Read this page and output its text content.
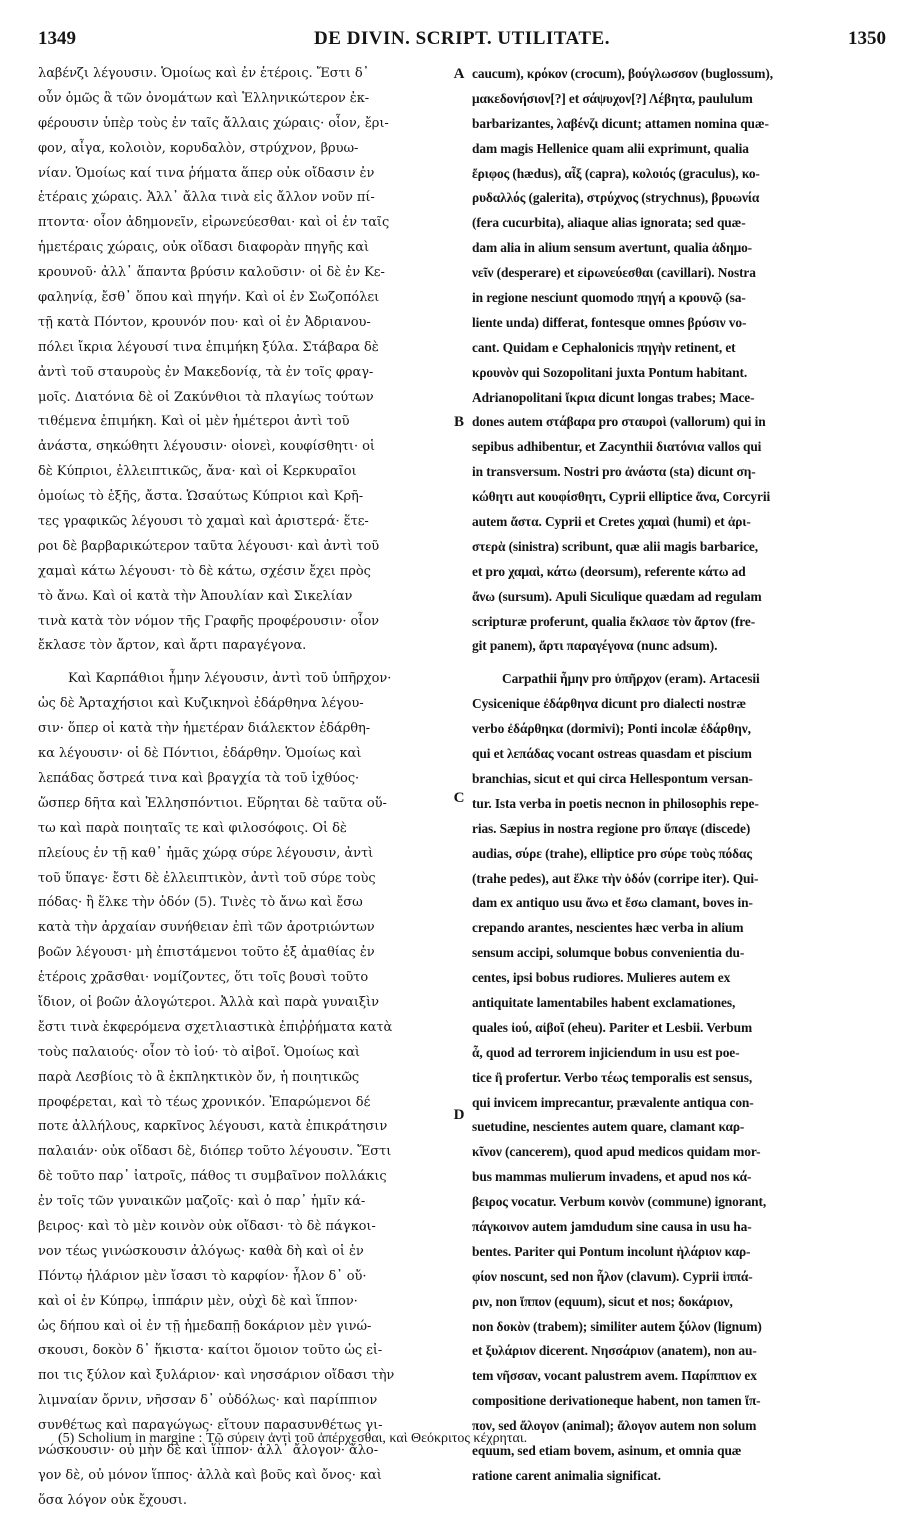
1349	DE DIVIN. SCRIPT. UTILITATE.	1350
λαβένζι λέγουσιν. Ὁμοίως καὶ ἐν ἑτέροις. Ἔστι δ᾽
οὖν ὁμῶς ἃ τῶν ὀνομάτων καὶ Ἑλληνικώτερον ἐκ-
φέρουσιν ὑπὲρ τοὺς ἐν ταῖς ἄλλαις χώραις· οἷον, ἔρι-
φον, αἶγα, κολοιὸν, κορυδαλὸν, στρύχνον, βρυω-
νίαν. Ὁμοίως καί τινα ῥήματα ἅπερ οὐκ οἴδασιν ἐν
ἑτέραις χώραις. Ἀλλ᾽ ἄλλα τινὰ εἰς ἄλλον νοῦν πί-
πτοντα· οἷον ἀδημονεῖν, εἰρωνεύεσθαι· καὶ οἱ ἐν ταῖς
ἡμετέραις χώραις, οὐκ οἴδασι διαφορὰν πηγῆς καὶ
κρουνοῦ· ἀλλ᾽ ἅπαντα βρύσιν καλοῦσιν· οἱ δὲ ἐν Κε-
φαληνίᾳ, ἔσθ᾽ ὅπου καὶ πηγήν. Καὶ οἱ ἐν Σωζοπόλει
τῇ κατὰ Πόντον, κρουνόν που· καὶ οἱ ἐν Ἀδριανου-
πόλει ἴκρια λέγουσί τινα ἐπιμήκη ξύλα. Στάβαρα δὲ
ἀντὶ τοῦ σταυροὺς ἐν Μακεδονίᾳ, τὰ ἐν τοῖς φραγ-
μοῖς. Διατόνια δὲ οἱ Ζακύνθιοι τὰ πλαγίως τούτων
τιθέμενα ἐπιμήκη. Καὶ οἱ μὲν ἡμέτεροι ἀντὶ τοῦ
ἀνάστα, σηκώθητι λέγουσιν· οἱονεὶ, κουφίσθητι· οἱ
δὲ Κύπριοι, ἐλλειπτικῶς, ἄνα· καὶ οἱ Κερκυραῖοι
ὁμοίως τὸ ἑξῆς, ἄστα. Ὡσαύτως Κύπριοι καὶ Κρῆ-
τες γραφικῶς λέγουσι τὸ χαμαὶ καὶ ἀριστερά· ἕτε-
ροι δὲ βαρβαρικώτερον ταῦτα λέγουσι· καὶ ἀντὶ τοῦ
χαμαὶ κάτω λέγουσι· τὸ δὲ κάτω, σχέσιν ἔχει πρὸς
τὸ ἄνω. Καὶ οἱ κατὰ τὴν Ἀπουλίαν καὶ Σικελίαν
τινὰ κατὰ τὸν νόμον τῆς Γραφῆς προφέρουσιν· οἷον
ἔκλασε τὸν ἄρτον, καὶ ἄρτι παραγέγονα.
Καὶ Καρπάθιοι ἦμην λέγουσιν, ἀντὶ τοῦ ὑπῆρχον·
ὡς δὲ Ἀρταχήσιοι καὶ Κυζικηνοὶ ἐδάρθηνα λέγου-
σιν· ὅπερ οἱ κατὰ τὴν ἡμετέραν διάλεκτον ἐδάρθη-
κα λέγουσιν· οἱ δὲ Πόντιοι, ἐδάρθην. Ὁμοίως καὶ
λεπάδας ὄστρεά τινα καὶ βραγχία τὰ τοῦ ἰχθύος·
ὥσπερ δῆτα καὶ Ἑλλησπόντιοι. Εὕρηται δὲ ταῦτα οὕ-
τω καὶ παρὰ ποιηταῖς τε καὶ φιλοσόφοις. Οἱ δὲ
πλείους ἐν τῇ καθ᾽ ἡμᾶς χώρᾳ σύρε λέγουσιν, ἀντὶ
τοῦ ὕπαγε· ἔστι δὲ ἐλλειπτικὸν, ἀντὶ τοῦ σύρε τοὺς
πόδας· ἢ ἕλκε τὴν ὁδόν (5). Τινὲς τὸ ἄνω καὶ ἔσω
κατὰ τὴν ἀρχαίαν συνήθειαν ἐπὶ τῶν ἀροτριώντων
βοῶν λέγουσι· μὴ ἐπιστάμενοι τοῦτο ἐξ ἀμαθίας ἐν
ἑτέροις χρᾶσθαι· νομίζοντες, ὅτι τοῖς βουσὶ τοῦτο
ἴδιον, οἱ βοῶν ἀλογώτεροι. Ἀλλὰ καὶ παρὰ γυναιξὶν
ἔστι τινὰ ἐκφερόμενα σχετλιαστικὰ ἐπιῤῥήματα κατὰ
τοὺς παλαιούς· οἷον τὸ ἰού· τὸ αἰβοῖ. Ὁμοίως καὶ
παρὰ Λεσβίοις τὸ ἃ ἐκπληκτικὸν ὄν, ἡ ποιητικῶς
προφέρεται, καὶ τὸ τέως χρονικόν. Ἐπαρώμενοι δέ
ποτε ἀλλήλους, καρκῖνος λέγουσι, κατὰ ἐπικράτησιν
παλαιάν· οὐκ οἴδασι δὲ, διόπερ τοῦτο λέγουσιν. Ἔστι
δὲ τοῦτο παρ᾽ ἰατροῖς, πάθος τι συμβαῖνον πολλάκις
ἐν τοῖς τῶν γυναικῶν μαζοῖς· καὶ ὁ παρ᾽ ἡμῖν κά-
βειρος· καὶ τὸ μὲν κοινὸν οὐκ οἴδασι· τὸ δὲ πάγκοι-
νον τέως γινώσκουσιν ἀλόγως· καθὰ δὴ καὶ οἱ ἐν
Πόντῳ ἡλάριον μὲν ἴσασι τὸ καρφίον· ἧλον δ᾽ οὔ·
καὶ οἱ ἐν Κύπρῳ, ἱππάριν μὲν, οὐχὶ δὲ καὶ ἵππον·
ὡς δήπου καὶ οἱ ἐν τῇ ἡμεδαπῇ δοκάριον μὲν γινώ-
σκουσι, δοκὸν δ᾽ ἥκιστα· καίτοι ὅμοιον τοῦτο ὡς εἰ-
ποι τις ξύλον καὶ ξυλάριον· καὶ νησσάριον οἴδασι τὴν
λιμναίαν ὄρνιν, νῆσσαν δ᾽ οὐδόλως· καὶ παρίππιον
συνθέτως καὶ παραγώγως· εἴτουν παρασυνθέτως γι-
νώσκουσιν· οὐ μὴν δὲ καὶ ἵππον· ἀλλ᾽ ἄλογον· ἄλο-
γον δὲ, οὐ μόνον ἵππος· ἀλλὰ καὶ βοῦς καὶ ὄνος· καὶ
ὅσα λόγον οὐκ ἔχουσι.
caucum), κρόκον (crocum), βούγλωσσον (buglossum),
μακεδονήσιον[?] et σάψυχον[?] Λέβητα, paululum
barbarizantes, λαβένζι dicunt; attamen nomina quæ-
dam magis Hellenice quam alii exprimunt, qualia
ἔριφος (hædus), αἶξ (capra), κολοιός (graculus), κο-
ρυδαλλός (galerita), στρύχνος (strychnus), βρυωνία
(fera cucurbita), aliaque alias ignorata; sed quæ-
dam alia in alium sensum avertunt, qualia ἀδημο-
νεῖν (desperare) et εἰρωνεύεσθαι (cavillari). Nostra
in regione nesciunt quomodo πηγή a κρουνῷ (sa-
liente unda) differat, fontesque omnes βρύσιν vo-
cant. Quidam e Cephalonicis πηγὴν retinent, et
κρουνὸν qui Sozopolitani juxta Pontum habitant.
Adrianopolitani ἴκρια dicunt longas trabes; Mace-
dones autem στάβαρα pro σταυροὶ (vallorum) qui in
sepibus adhibentur, et Zacynthii διατόνια vallos qui
in transversum. Nostri pro ἀνάστα (sta) dicunt ση-
κώθητι aut κουφίσθητι, Cyprii elliptice ἄνα, Corcyrii
autem ἄστα. Cyprii et Cretes χαμαὶ (humi) et ἀρι-
στερὰ (sinistra) scribunt, quæ alii magis barbarice,
et pro χαμαὶ, κάτω (deorsum), referente κάτω ad
ἄνω (sursum). Apuli Siculique quædam ad regulam
scripturæ proferunt, qualia ἔκλασε τὸν ἄρτον (fre-
git panem), ἄρτι παραγέγονα (nunc adsum).
Carpathii ἦμην pro ὑπῆρχον (eram). Artacesii
Cysicenique ἐδάρθηνα dicunt pro dialecti nostræ
verbo ἐδάρθηκα (dormivi); Ponti incolæ ἐδάρθην,
qui et λεπάδας vocant ostreas quasdam et piscium
branchias, sicut et qui circa Hellespontum versan-
tur. Ista verba in poetis necnon in philosophis repe-
rias. Sæpius in nostra regione pro ὕπαγε (discede)
audias, σύρε (trahe), elliptice pro σύρε τοὺς πόδας
(trahe pedes), aut ἕλκε τὴν ὁδόν (corripe iter). Qui-
dam ex antiquo usu ἄνω et ἔσω clamant, boves in-
crepando arantes, nescientes hæc verba in alium
sensum accipi, solumque bobus convenientia du-
centes, ipsi bobus rudiores. Mulieres autem ex
antiquitate lamentabiles habent exclamationes,
quales ἰού, αἰβοῖ (eheu). Pariter et Lesbii. Verbum
ἆ, quod ad terrorem injiciendum in usu est poe-
tice ἢ profertur. Verbo τέως temporalis est sensus,
qui invicem imprecantur, prævalente antiqua con-
suetudine, nescientes autem quare, clamant καρ-
κῖνον (cancerem), quod apud medicos quidam mor-
bus mammas mulierum invadens, et apud nos κά-
βειρος vocatur. Verbum κοινὸν (commune) ignorant,
πάγκοινον autem jamdudum sine causa in usu ha-
bentes. Pariter qui Pontum incolunt ἡλάριον καρ-
φίον noscunt, sed non ἧλον (clavum). Cyprii ἱππά-
ριν, non ἵππον (equum), sicut et nos; δοκάριον,
non δοκὸν (trabem); similiter autem ξύλον (lignum)
et ξυλάριον dicerent. Νησσάριον (anatem), non au-
tem νῆσσαν, vocant palustrem avem. Παρίππιον ex
compositione derivationeque habent, non tamen ἵπ-
πον, sed ἄλογον (animal); ἄλογον autem non solum
equum, sed etiam bovem, asinum, et omnia quæ
ratione carent animalia significat.
A
B
C
D
(5) Scholium in margine : Τῷ σύρειν ἀντὶ τοῦ ἀπέρχεσθαι, καὶ Θεόκριτος κέχρηται.
